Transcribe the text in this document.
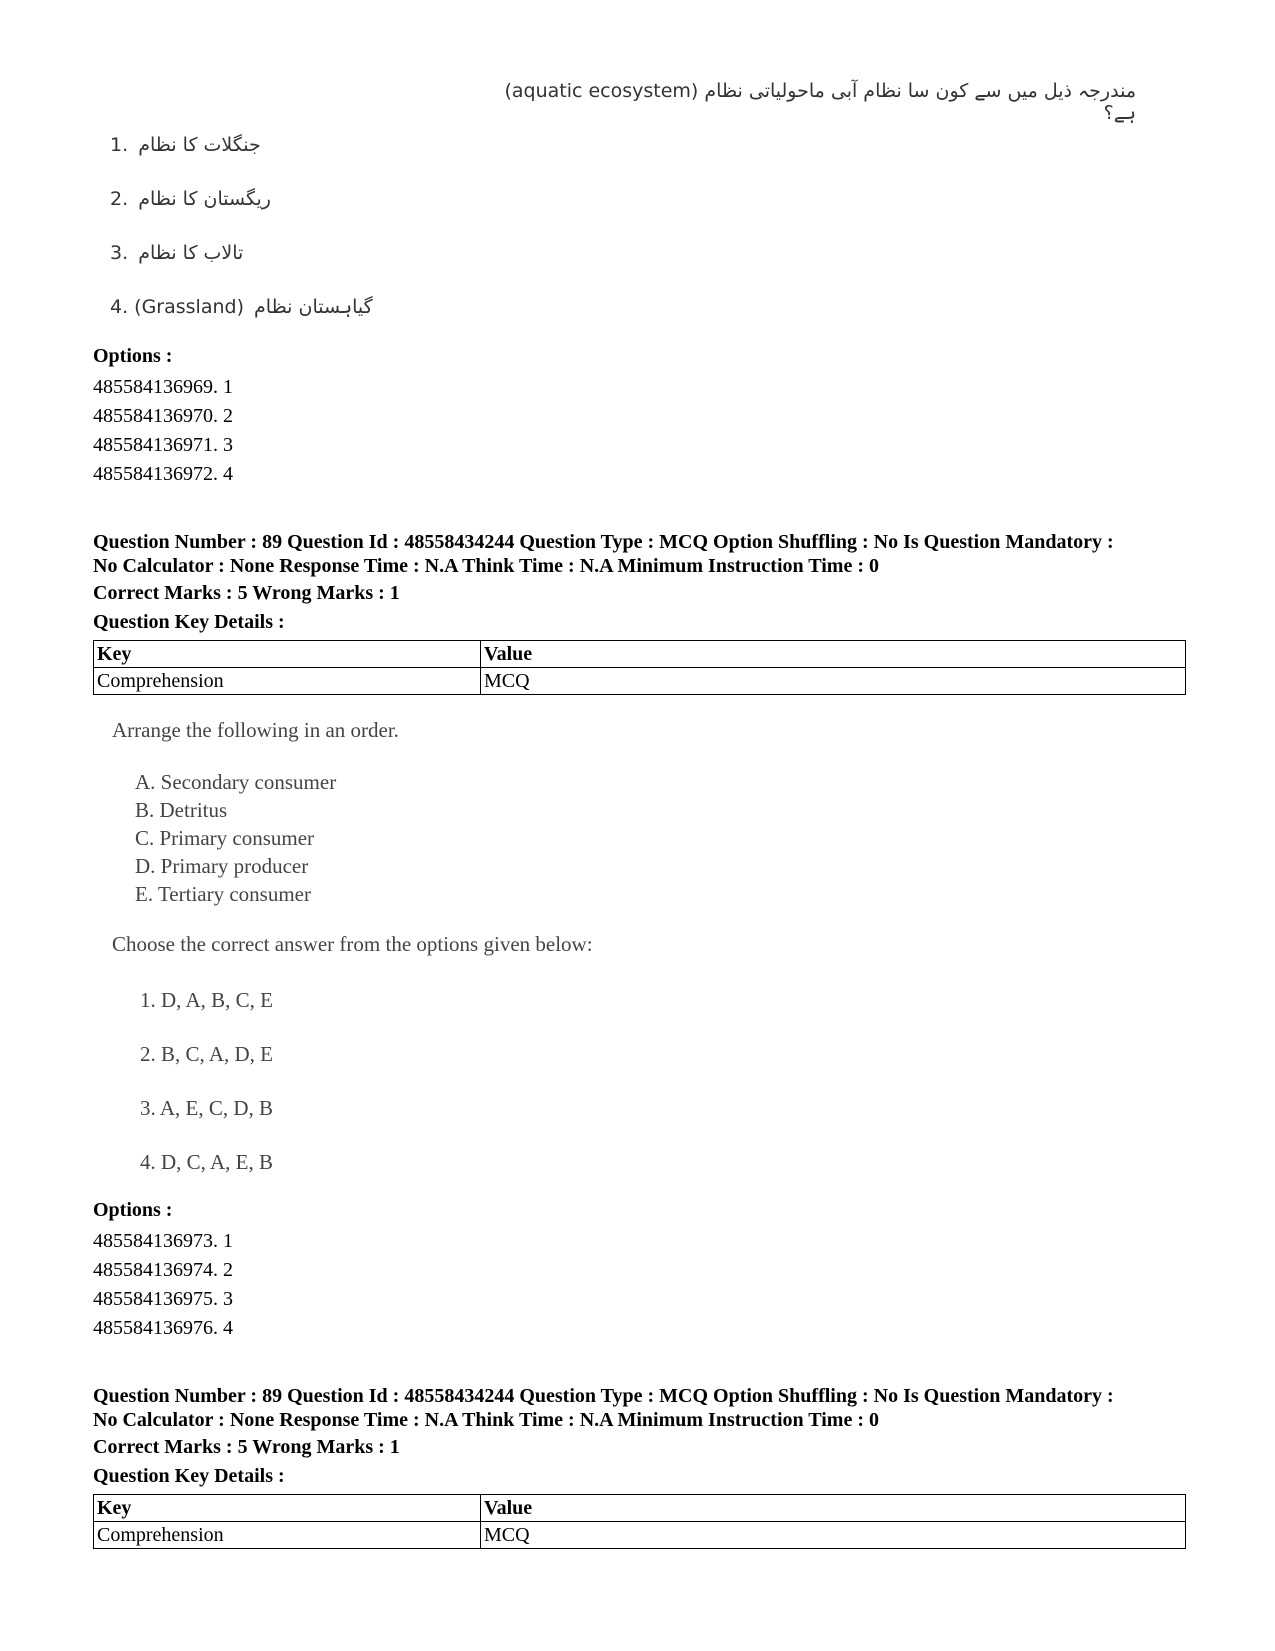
مندرجہ ذیل میں سے کون سا نظام آبی ماحولیاتی نظام (aquatic ecosystem) ہے؟
1. جنگلات کا نظام
2. ریگستان کا نظام
3. تالاب کا نظام
4. (Grassland) گیاہستان نظام
Options :
485584136969. 1
485584136970. 2
485584136971. 3
485584136972. 4
Question Number : 89 Question Id : 48558434244 Question Type : MCQ Option Shuffling : No Is Question Mandatory :
No Calculator : None Response Time : N.A Think Time : N.A Minimum Instruction Time : 0
Correct Marks : 5 Wrong Marks : 1
Question Key Details :
Key	Value
Comprehension	MCQ
Arrange the following in an order.
A. Secondary consumer
B. Detritus
C. Primary consumer
D. Primary producer
E. Tertiary consumer
Choose the correct answer from the options given below:
1. D, A, B, C, E
2. B, C, A, D, E
3. A, E, C, D, B
4. D, C, A, E, B
Options :
485584136973. 1
485584136974. 2
485584136975. 3
485584136976. 4
Question Number : 89 Question Id : 48558434244 Question Type : MCQ Option Shuffling : No Is Question Mandatory :
No Calculator : None Response Time : N.A Think Time : N.A Minimum Instruction Time : 0
Correct Marks : 5 Wrong Marks : 1
Question Key Details :
Key	Value
Comprehension	MCQ
